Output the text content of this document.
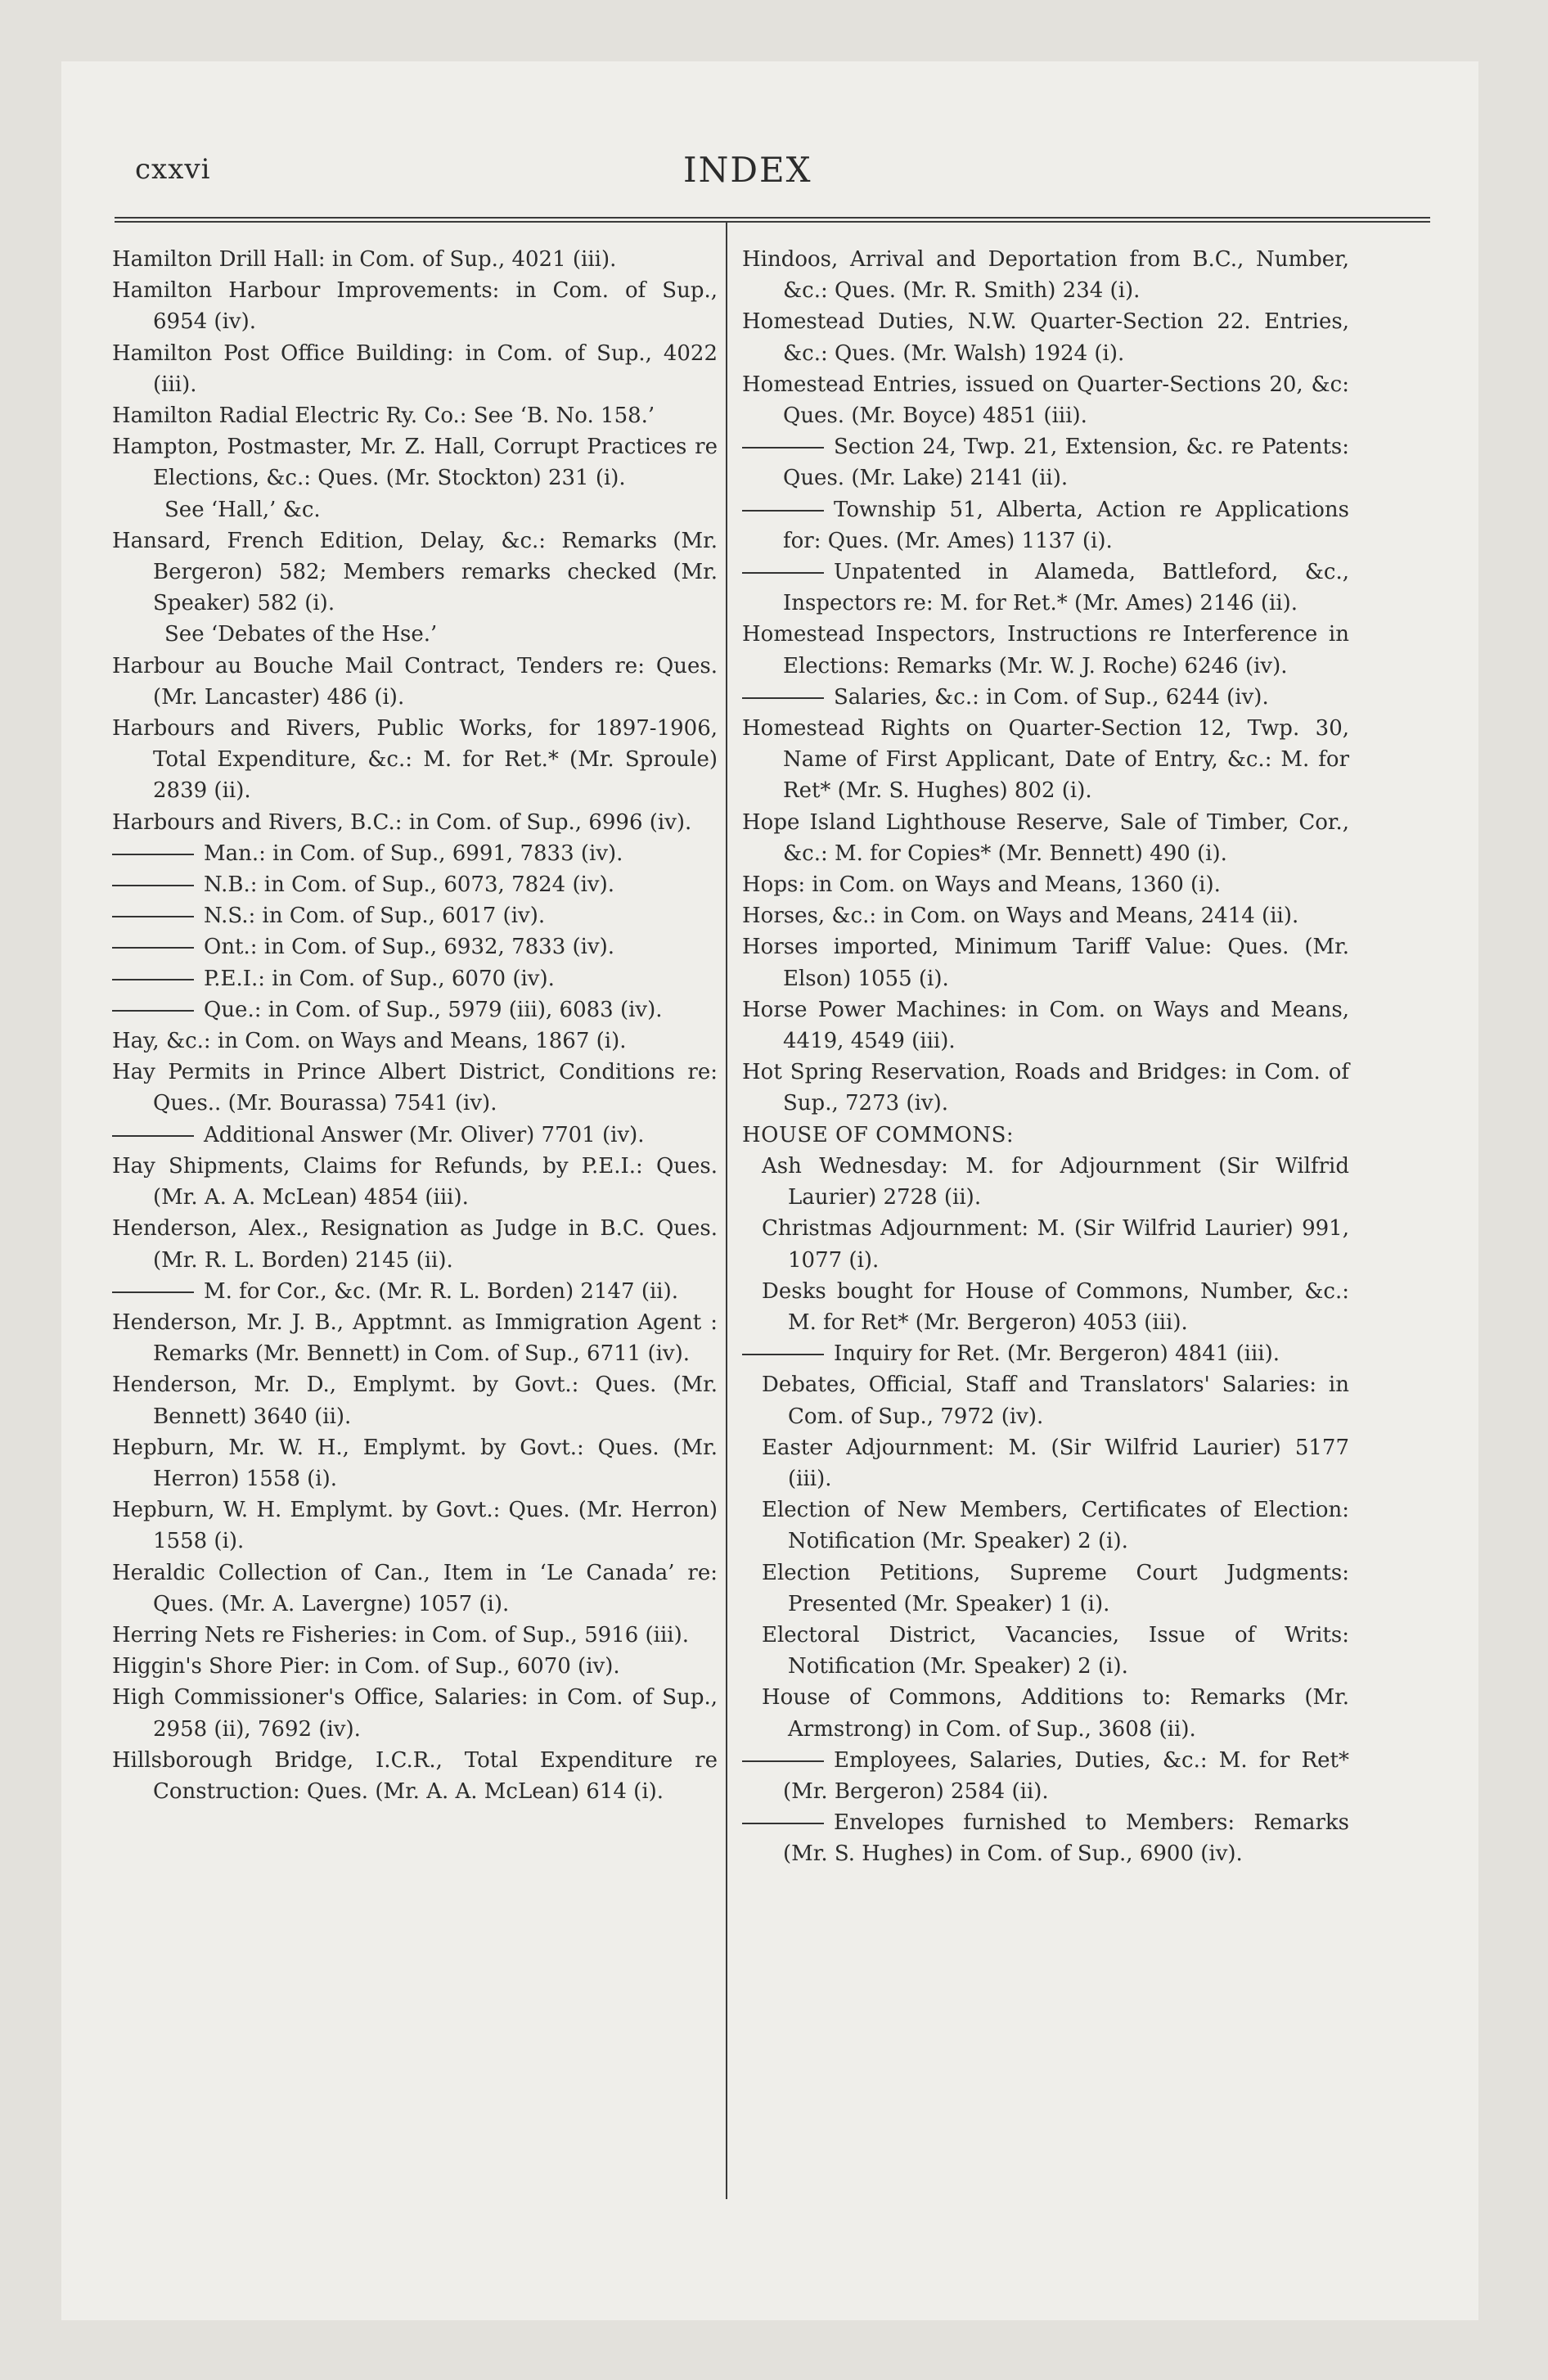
cxxvi	INDEX
Hamilton Drill Hall: in Com. of Sup., 4021 (iii).
Hamilton Harbour Improvements: in Com. of Sup., 6954 (iv).
Hamilton Post Office Building: in Com. of Sup., 4022 (iii).
Hamilton Radial Electric Ry. Co.: See ‘B. No. 158.’
Hampton, Postmaster, Mr. Z. Hall, Corrupt Practices re Elections, &c.: Ques. (Mr. Stockton) 231 (i).
See ‘Hall,’ &c.
Hansard, French Edition, Delay, &c.: Remarks (Mr. Bergeron) 582; Members remarks checked (Mr. Speaker) 582 (i).
See ‘Debates of the Hse.’
Harbour au Bouche Mail Contract, Tenders re: Ques. (Mr. Lancaster) 486 (i).
Harbours and Rivers, Public Works, for 1897-1906, Total Expenditure, &c.: M. for Ret.* (Mr. Sproule) 2839 (ii).
Harbours and Rivers, B.C.: in Com. of Sup., 6996 (iv).
Man.: in Com. of Sup., 6991, 7833 (iv).
N.B.: in Com. of Sup., 6073, 7824 (iv).
N.S.: in Com. of Sup., 6017 (iv).
Ont.: in Com. of Sup., 6932, 7833 (iv).
P.E.I.: in Com. of Sup., 6070 (iv).
Que.: in Com. of Sup., 5979 (iii), 6083 (iv).
Hay, &c.: in Com. on Ways and Means, 1867 (i).
Hay Permits in Prince Albert District, Conditions re: Ques.. (Mr. Bourassa) 7541 (iv).
Additional Answer (Mr. Oliver) 7701 (iv).
Hay Shipments, Claims for Refunds, by P.E.I.: Ques. (Mr. A. A. McLean) 4854 (iii).
Henderson, Alex., Resignation as Judge in B.C. Ques. (Mr. R. L. Borden) 2145 (ii).
M. for Cor., &c. (Mr. R. L. Borden) 2147 (ii).
Henderson, Mr. J. B., Apptmnt. as Immigration Agent : Remarks (Mr. Bennett) in Com. of Sup., 6711 (iv).
Henderson, Mr. D., Emplymt. by Govt.: Ques. (Mr. Bennett) 3640 (ii).
Hepburn, Mr. W. H., Emplymt. by Govt.: Ques. (Mr. Herron) 1558 (i).
Hepburn, W. H. Emplymt. by Govt.: Ques. (Mr. Herron) 1558 (i).
Heraldic Collection of Can., Item in ‘Le Canada’ re: Ques. (Mr. A. Lavergne) 1057 (i).
Herring Nets re Fisheries: in Com. of Sup., 5916 (iii).
Higgin's Shore Pier: in Com. of Sup., 6070 (iv).
High Commissioner's Office, Salaries: in Com. of Sup., 2958 (ii), 7692 (iv).
Hillsborough Bridge, I.C.R., Total Expenditure re Construction: Ques. (Mr. A. A. McLean) 614 (i).
Hindoos, Arrival and Deportation from B.C., Number, &c.: Ques. (Mr. R. Smith) 234 (i).
Homestead Duties, N.W. Quarter-Section 22. Entries, &c.: Ques. (Mr. Walsh) 1924 (i).
Homestead Entries, issued on Quarter-Sections 20, &c: Ques. (Mr. Boyce) 4851 (iii).
Section 24, Twp. 21, Extension, &c. re Patents: Ques. (Mr. Lake) 2141 (ii).
Township 51, Alberta, Action re Applications for: Ques. (Mr. Ames) 1137 (i).
Unpatented in Alameda, Battleford, &c., Inspectors re: M. for Ret.* (Mr. Ames) 2146 (ii).
Homestead Inspectors, Instructions re Interference in Elections: Remarks (Mr. W. J. Roche) 6246 (iv).
Salaries, &c.: in Com. of Sup., 6244 (iv).
Homestead Rights on Quarter-Section 12, Twp. 30, Name of First Applicant, Date of Entry, &c.: M. for Ret* (Mr. S. Hughes) 802 (i).
Hope Island Lighthouse Reserve, Sale of Timber, Cor., &c.: M. for Copies* (Mr. Bennett) 490 (i).
Hops: in Com. on Ways and Means, 1360 (i).
Horses, &c.: in Com. on Ways and Means, 2414 (ii).
Horses imported, Minimum Tariff Value: Ques. (Mr. Elson) 1055 (i).
Horse Power Machines: in Com. on Ways and Means, 4419, 4549 (iii).
Hot Spring Reservation, Roads and Bridges: in Com. of Sup., 7273 (iv).
HOUSE OF COMMONS:
Ash Wednesday: M. for Adjournment (Sir Wilfrid Laurier) 2728 (ii).
Christmas Adjournment: M. (Sir Wilfrid Laurier) 991, 1077 (i).
Desks bought for House of Commons, Number, &c.: M. for Ret* (Mr. Bergeron) 4053 (iii).
Inquiry for Ret. (Mr. Bergeron) 4841 (iii).
Debates, Official, Staff and Translators' Salaries: in Com. of Sup., 7972 (iv).
Easter Adjournment: M. (Sir Wilfrid Laurier) 5177 (iii).
Election of New Members, Certificates of Election: Notification (Mr. Speaker) 2 (i).
Election Petitions, Supreme Court Judgments: Presented (Mr. Speaker) 1 (i).
Electoral District, Vacancies, Issue of Writs: Notification (Mr. Speaker) 2 (i).
House of Commons, Additions to: Remarks (Mr. Armstrong) in Com. of Sup., 3608 (ii).
Employees, Salaries, Duties, &c.: M. for Ret* (Mr. Bergeron) 2584 (ii).
Envelopes furnished to Members: Remarks (Mr. S. Hughes) in Com. of Sup., 6900 (iv).
